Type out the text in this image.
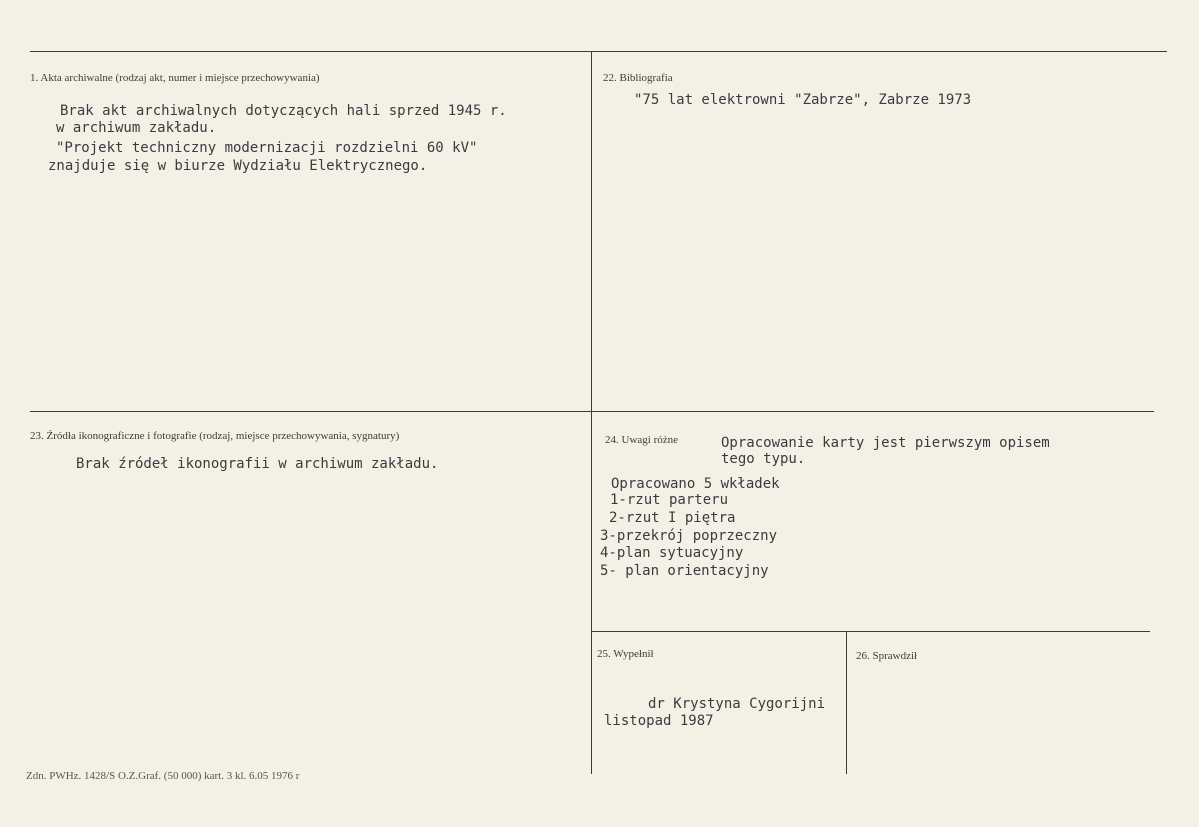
1. Akta archiwalne (rodzaj akt, numer i miejsce przechowywania)
Brak akt archiwalnych dotyczących hali sprzed 1945 r.
w archiwum zakładu.
"Projekt techniczny modernizacji rozdzielni 60 kV"
znajduje się w biurze Wydziału Elektrycznego.
22. Bibliografia
"75 lat elektrowni "Zabrze", Zabrze 1973
23. Źródła ikonograficzne i fotografie (rodzaj, miejsce przechowywania, sygnatury)
Brak źródeł ikonografii w archiwum zakładu.
24. Uwagi różne	Opracowanie karty jest pierwszym opisem
tego typu.
Opracowano 5 wkładek
1-rzut parteru
2-rzut I piętra
3-przekrój poprzeczny
4-plan sytuacyjny
5- plan orientacyjny
25. Wypełnił
dr Krystyna Cygorijni
listopad 1987
26. Sprawdził
Zdn. PWHz. 1428/S O.Z.Graf. (50 000) kart. 3 kl. 6.05 1976 r
